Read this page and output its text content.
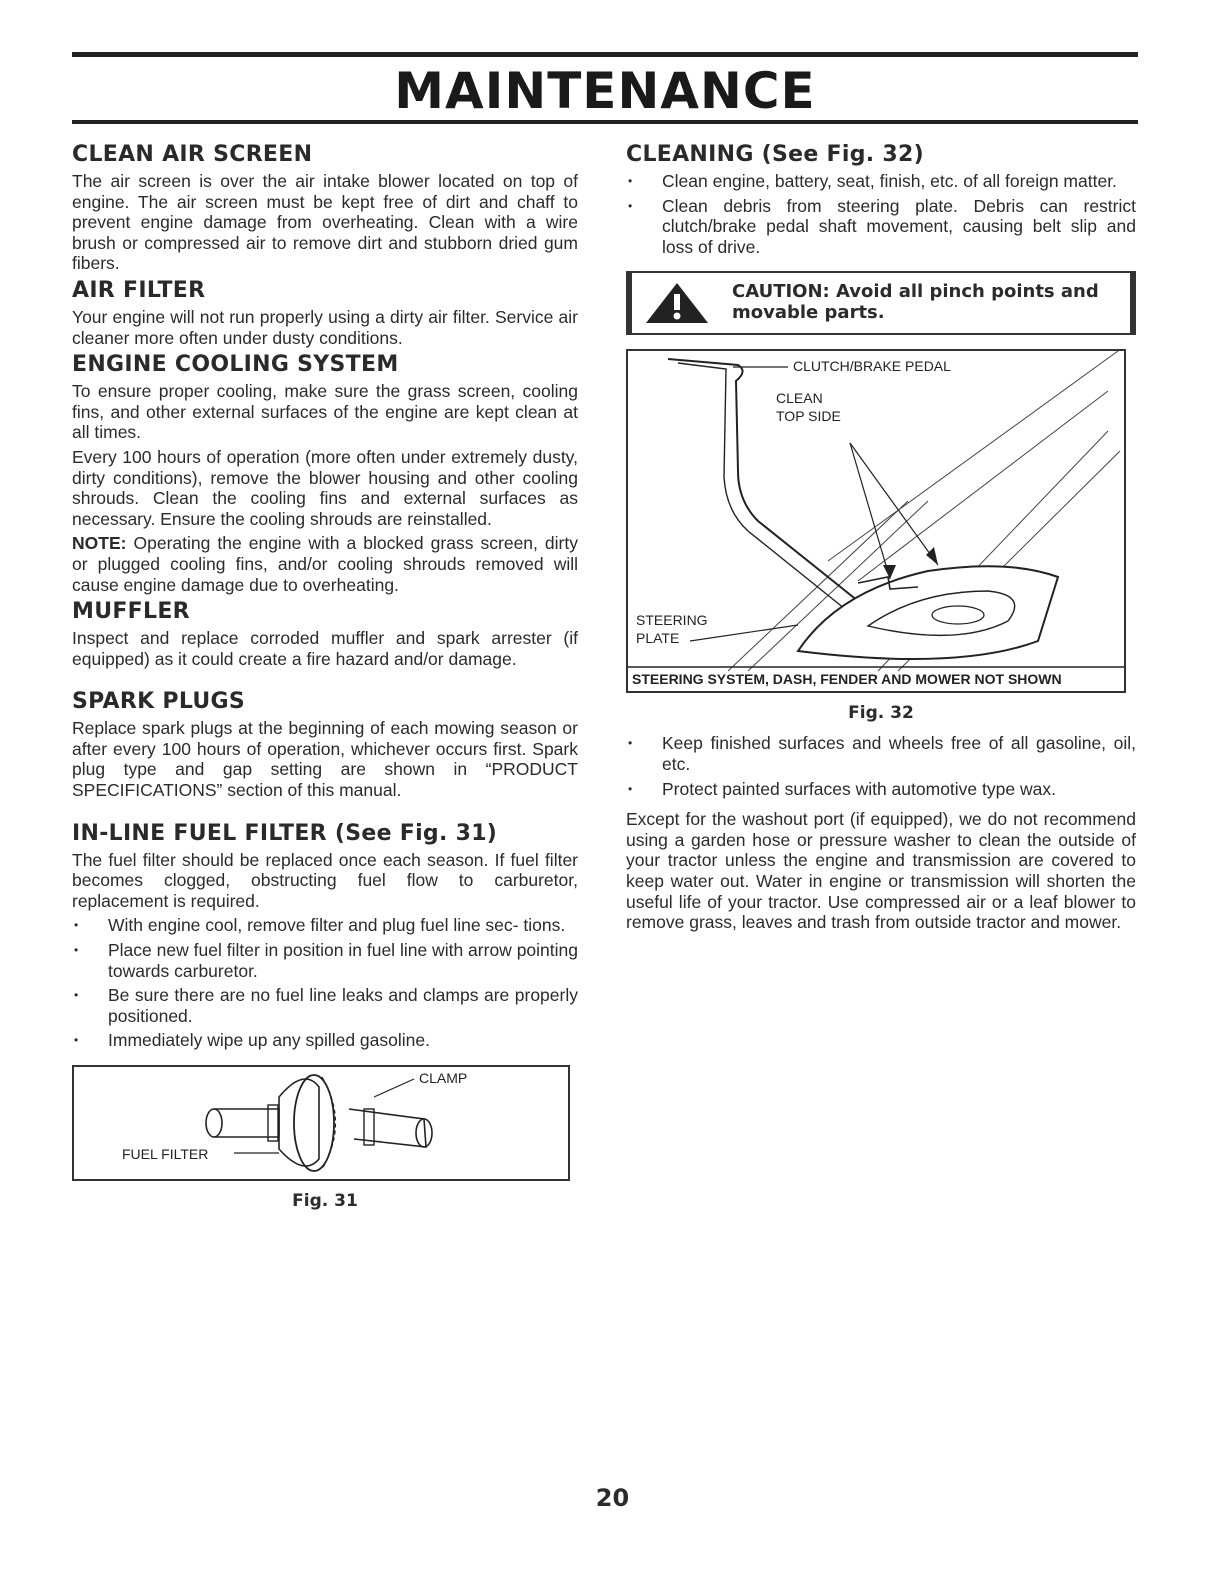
MAINTENANCE
CLEAN AIR SCREEN

The air screen is over the air intake blower located on top of engine. The air screen must be kept free of dirt and chaff to prevent engine damage from overheating. Clean with a wire brush or compressed air to remove dirt and stubborn dried gum fibers.

AIR FILTER

Your engine will not run properly using a dirty air filter. Service air cleaner more often under dusty conditions.

ENGINE COOLING SYSTEM

To ensure proper cooling, make sure the grass screen, cooling fins, and other external surfaces of the engine are kept clean at all times.

Every 100 hours of operation (more often under extremely dusty, dirty conditions), remove the blower housing and other cooling shrouds. Clean the cooling fins and external surfaces as necessary. Ensure the cooling shrouds are reinstalled.

NOTE: Operating the engine with a blocked grass screen, dirty or plugged cooling fins, and/or cooling shrouds removed will cause engine damage due to overheating.

MUFFLER

Inspect and replace corroded muffler and spark arrester (if equipped) as it could create a fire hazard and/or damage.

SPARK PLUGS

Replace spark plugs at the beginning of each mowing season or after every 100 hours of operation, whichever occurs first. Spark plug type and gap setting are shown in “PRODUCT SPECIFICATIONS” section of this manual.

IN-LINE FUEL FILTER (See Fig. 31)

The fuel filter should be replaced once each season. If fuel filter becomes clogged, obstructing fuel flow to carburetor, replacement is required.

• With engine cool, remove filter and plug fuel line sec- tions.
• Place new fuel filter in position in fuel line with arrow pointing towards carburetor.
• Be sure there are no fuel line leaks and clamps are properly positioned.
• Immediately wipe up any spilled gasoline.
CLAMP
FUEL FILTER
Fig. 31
CLEANING (See Fig. 32)
• Clean engine, battery, seat, finish, etc. of all foreign matter.
• Clean debris from steering plate. Debris can restrict clutch/brake pedal shaft movement, causing belt slip and loss of drive.
CAUTION: Avoid all pinch points and
movable parts.
CLUTCH/BRAKE PEDAL
CLEAN
TOP SIDE
STEERING
PLATE
STEERING SYSTEM, DASH, FENDER AND MOWER NOT SHOWN
Fig. 32
• Keep finished surfaces and wheels free of all gasoline, oil, etc.
• Protect painted surfaces with automotive type wax.

Except for the washout port (if equipped), we do not recommend using a garden hose or pressure washer to clean the outside of your tractor unless the engine and transmission are covered to keep water out. Water in engine or transmission will shorten the useful life of your tractor. Use compressed air or a leaf blower to remove grass, leaves and trash from outside tractor and mower.

20
